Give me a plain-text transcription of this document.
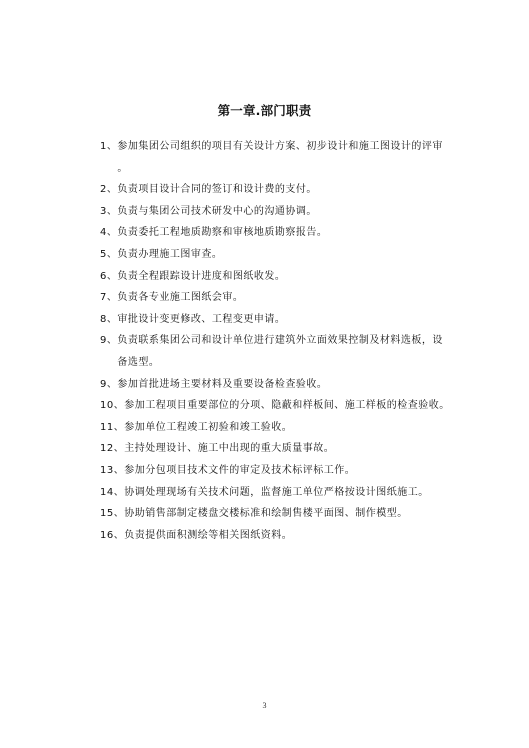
第一章.部门职责
1、 参加集团公司组织的项目有关设计方案、初步设计和施工图设计的评审
。
2、 负责项目设计合同的签订和设计费的支付。
3、 负责与集团公司技术研发中心的沟通协调。
4、 负责委托工程地质勘察和审核地质勘察报告。
5、 负责办理施工图审查。
6、 负责全程跟踪设计进度和图纸收发。
7、 负责各专业施工图纸会审。
8、 审批设计变更修改、工程变更申请。
9、 负责联系集团公司和设计单位进行建筑外立面效果控制及材料选板，设
备选型。
9、 参加首批进场主要材料及重要设备检查验收。
10、 参加工程项目重要部位的分项、隐蔽和样板间、施工样板的检查验收。
11、 参加单位工程竣工初验和竣工验收。
12、 主持处理设计、施工中出现的重大质量事故。
13、 参加分包项目技术文件的审定及技术标评标工作。
14、 协调处理现场有关技术问题，监督施工单位严格按设计图纸施工。
15、 协助销售部制定楼盘交楼标准和绘制售楼平面图、制作模型。
16、 负责提供面积测绘等相关图纸资料。
3
